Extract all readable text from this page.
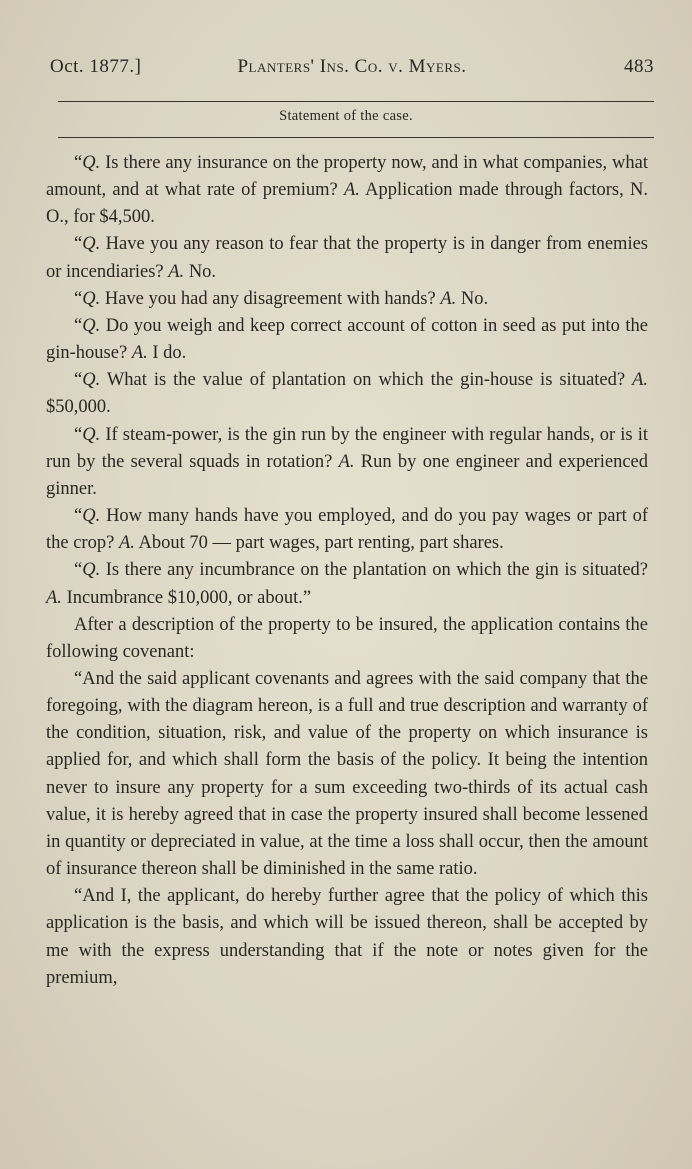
Oct. 1877.]	Planters' Ins. Co. v. Myers.	483
Statement of the case.

“Q. Is there any insurance on the property now, and in what companies, what amount, and at what rate of premium? A. Application made through factors, N. O., for $4,500.

“Q. Have you any reason to fear that the property is in danger from enemies or incendiaries? A. No.

“Q. Have you had any disagreement with hands? A. No.

“Q. Do you weigh and keep correct account of cotton in seed as put into the gin-house? A. I do.

“Q. What is the value of plantation on which the gin-house is situated? A. $50,000.

“Q. If steam-power, is the gin run by the engineer with regular hands, or is it run by the several squads in rotation? A. Run by one engineer and experienced ginner.

“Q. How many hands have you employed, and do you pay wages or part of the crop? A. About 70 — part wages, part renting, part shares.

“Q. Is there any incumbrance on the plantation on which the gin is situated? A. Incumbrance $10,000, or about.”

After a description of the property to be insured, the application contains the following covenant:

“And the said applicant covenants and agrees with the said company that the foregoing, with the diagram hereon, is a full and true description and warranty of the condition, situation, risk, and value of the property on which insurance is applied for, and which shall form the basis of the policy. It being the intention never to insure any property for a sum exceeding two-thirds of its actual cash value, it is hereby agreed that in case the property insured shall become lessened in quantity or depreciated in value, at the time a loss shall occur, then the amount of insurance thereon shall be diminished in the same ratio.

“And I, the applicant, do hereby further agree that the policy of which this application is the basis, and which will be issued thereon, shall be accepted by me with the express understanding that if the note or notes given for the premium,
